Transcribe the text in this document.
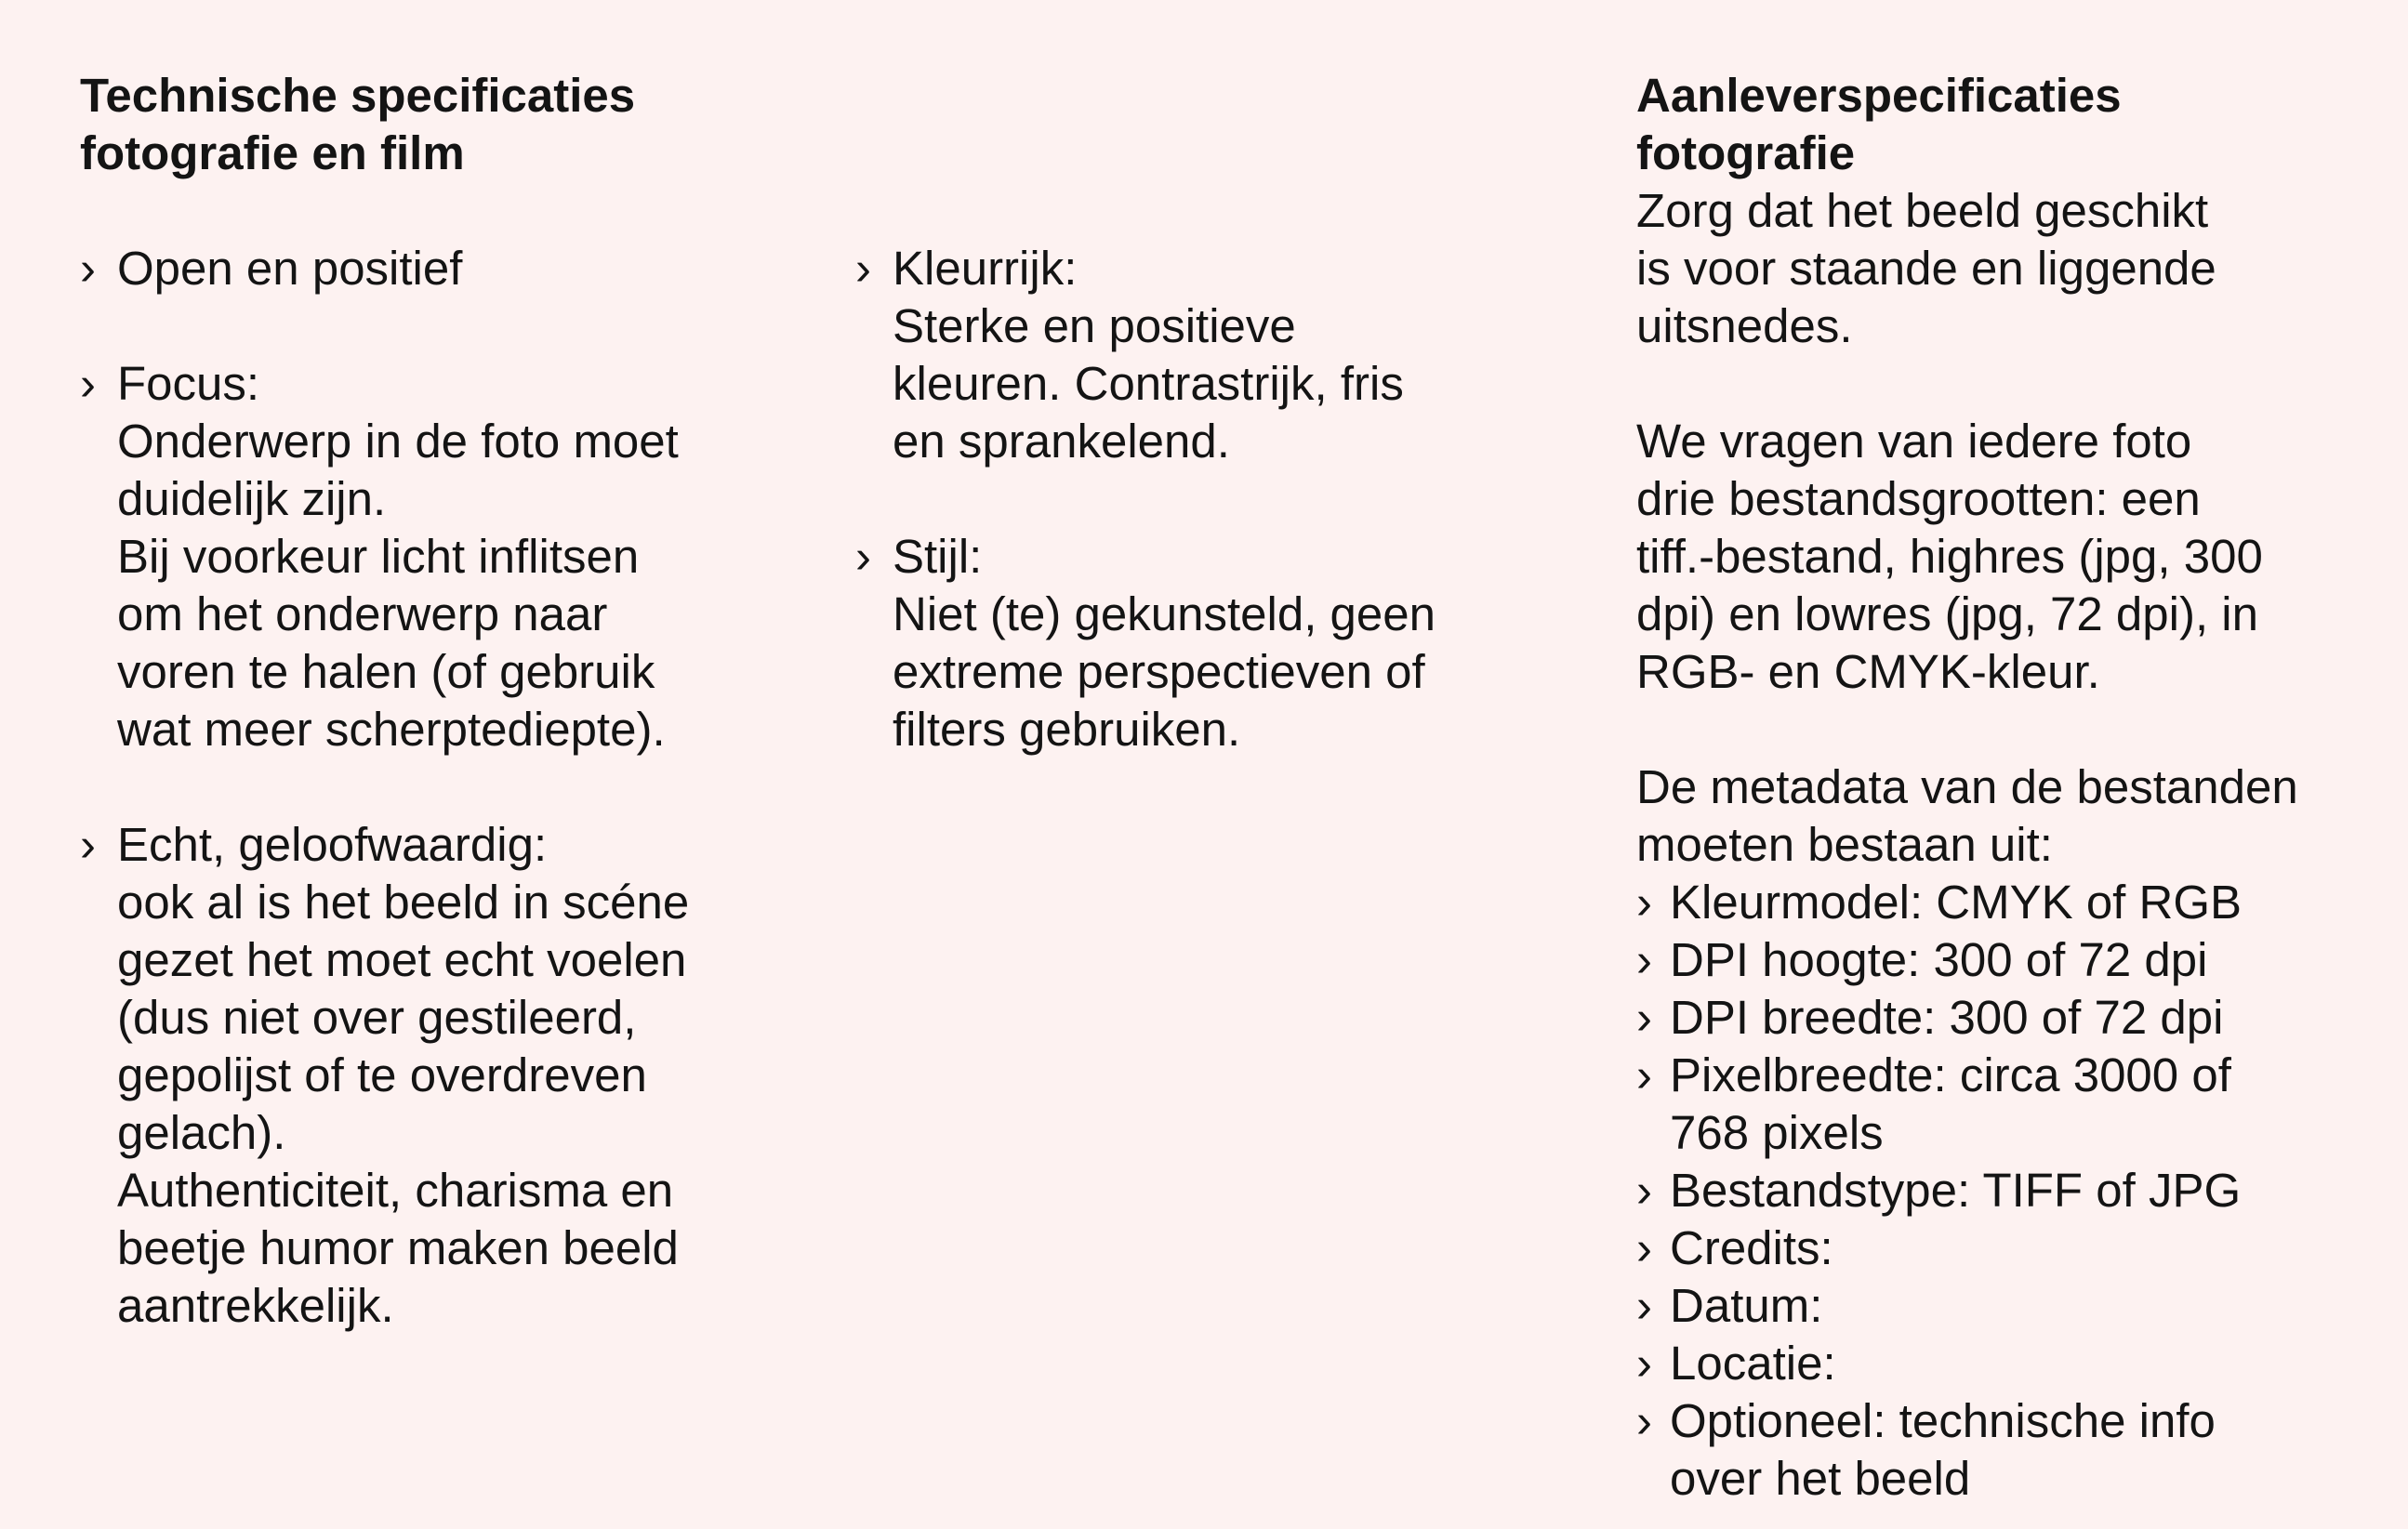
Technische specificaties
fotografie en film
› Open en positief
› Focus:
Onderwerp in de foto moet
duidelijk zijn.
Bij voorkeur licht inflitsen
om het onderwerp naar
voren te halen (of gebruik
wat meer scherptediepte).
› Echt, geloofwaardig:
ook al is het beeld in scéne
gezet het moet echt voelen
(dus niet over gestileerd,
gepolijst of te overdreven
gelach).
Authenticiteit, charisma en
beetje humor maken beeld
aantrekkelijk.
› Kleurrijk:
Sterke en positieve
kleuren. Contrastrijk, fris
en sprankelend.
› Stijl:
Niet (te) gekunsteld, geen
extreme perspectieven of
filters gebruiken.
Aanleverspecificaties
fotografie

Zorg dat het beeld geschikt
is voor staande en liggende
uitsnedes.

We vragen van iedere foto
drie bestandsgrootten: een
tiff.-bestand, highres (jpg, 300
dpi) en lowres (jpg, 72 dpi), in
RGB- en CMYK-kleur.

De metadata van de bestanden
moeten bestaan uit:

› Kleurmodel: CMYK of RGB
› DPI hoogte: 300 of 72 dpi
› DPI breedte: 300 of 72 dpi
› Pixelbreedte: circa 3000 of
768 pixels
› Bestandstype: TIFF of JPG
› Credits:
› Datum:
› Locatie:
› Optioneel: technische info
over het beeld
